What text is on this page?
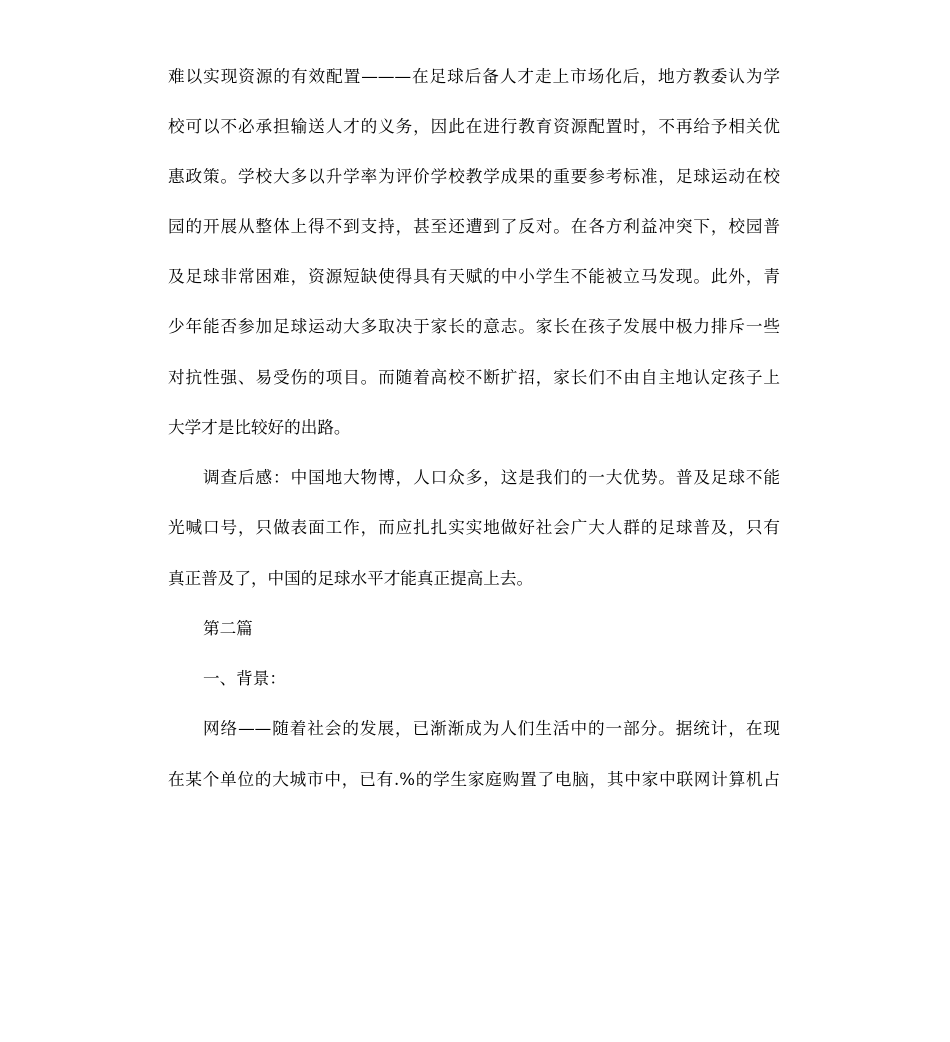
难以实现资源的有效配置———在足球后备人才走上市场化后，地方教委认为学
校可以不必承担输送人才的义务，因此在进行教育资源配置时，不再给予相关优
惠政策。学校大多以升学率为评价学校教学成果的重要参考标准，足球运动在校
园的开展从整体上得不到支持，甚至还遭到了反对。在各方利益冲突下，校园普
及足球非常困难，资源短缺使得具有天赋的中小学生不能被立马发现。此外，青
少年能否参加足球运动大多取决于家长的意志。家长在孩子发展中极力排斥一些
对抗性强、易受伤的项目。而随着高校不断扩招，家长们不由自主地认定孩子上
大学才是比较好的出路。
调查后感：中国地大物博，人口众多，这是我们的一大优势。普及足球不能
光喊口号，只做表面工作，而应扎扎实实地做好社会广大人群的足球普及，只有
真正普及了，中国的足球水平才能真正提高上去。
第二篇
一、背景：
网络——随着社会的发展，已渐渐成为人们生活中的一部分。据统计，在现
在某个单位的大城市中，已有.%的学生家庭购置了电脑，其中家中联网计算机占
